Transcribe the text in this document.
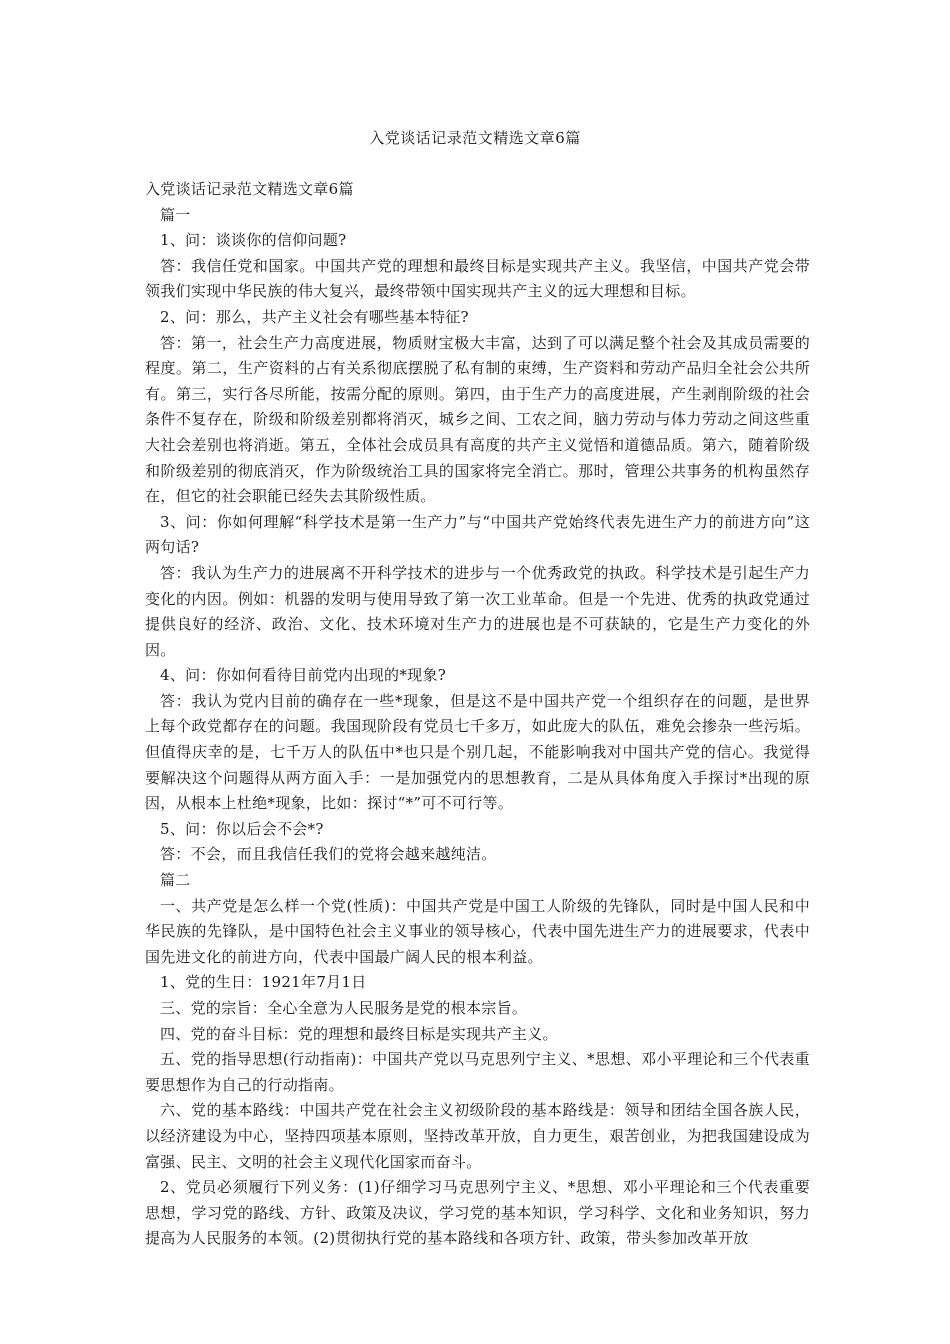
入党谈话记录范文精选文章6篇

入党谈话记录范文精选文章6篇

篇一

1、问：谈谈你的信仰问题?

答：我信任党和国家。中国共产党的理想和最终目标是实现共产主义。我坚信，中国共产党会带领我们实现中华民族的伟大复兴，最终带领中国实现共产主义的远大理想和目标。

2、问：那么，共产主义社会有哪些基本特征?

答：第一，社会生产力高度进展，物质财宝极大丰富，达到了可以满足整个社会及其成员需要的程度。第二，生产资料的占有关系彻底摆脱了私有制的束缚，生产资料和劳动产品归全社会公共所有。第三，实行各尽所能，按需分配的原则。第四，由于生产力的高度进展，产生剥削阶级的社会条件不复存在，阶级和阶级差别都将消灭，城乡之间、工农之间，脑力劳动与体力劳动之间这些重大社会差别也将消逝。第五，全体社会成员具有高度的共产主义觉悟和道德品质。第六，随着阶级和阶级差别的彻底消灭，作为阶级统治工具的国家将完全消亡。那时，管理公共事务的机构虽然存在，但它的社会职能已经失去其阶级性质。

3、问：你如何理解“科学技术是第一生产力”与“中国共产党始终代表先进生产力的前进方向”这两句话?

答：我认为生产力的进展离不开科学技术的进步与一个优秀政党的执政。科学技术是引起生产力变化的内因。例如：机器的发明与使用导致了第一次工业革命。但是一个先进、优秀的执政党通过提供良好的经济、政治、文化、技术环境对生产力的进展也是不可获缺的，它是生产力变化的外因。

4、问：你如何看待目前党内出现的*现象?

答：我认为党内目前的确存在一些*现象，但是这不是中国共产党一个组织存在的问题，是世界上每个政党都存在的问题。我国现阶段有党员七千多万，如此庞大的队伍，难免会掺杂一些污垢。但值得庆幸的是，七千万人的队伍中*也只是个别几起，不能影响我对中国共产党的信心。我觉得要解决这个问题得从两方面入手：一是加强党内的思想教育，二是从具体角度入手探讨*出现的原因，从根本上杜绝*现象，比如：探讨“*”可不可行等。

5、问：你以后会不会*?

答：不会，而且我信任我们的党将会越来越纯洁。

篇二

一、共产党是怎么样一个党(性质)：中国共产党是中国工人阶级的先锋队，同时是中国人民和中华民族的先锋队，是中国特色社会主义事业的领导核心，代表中国先进生产力的进展要求，代表中国先进文化的前进方向，代表中国最广阔人民的根本利益。

1、党的生日：1921年7月1日

三、党的宗旨：全心全意为人民服务是党的根本宗旨。

四、党的奋斗目标：党的理想和最终目标是实现共产主义。

五、党的指导思想(行动指南)：中国共产党以马克思列宁主义、*思想、邓小平理论和三个代表重要思想作为自己的行动指南。

六、党的基本路线：中国共产党在社会主义初级阶段的基本路线是：领导和团结全国各族人民，以经济建设为中心，坚持四项基本原则，坚持改革开放，自力更生，艰苦创业，为把我国建设成为富强、民主、文明的社会主义现代化国家而奋斗。

2、党员必须履行下列义务：(1)仔细学习马克思列宁主义、*思想、邓小平理论和三个代表重要思想，学习党的路线、方针、政策及决议，学习党的基本知识，学习科学、文化和业务知识，努力提高为人民服务的本领。(2)贯彻执行党的基本路线和各项方针、政策，带头参加改革开放
